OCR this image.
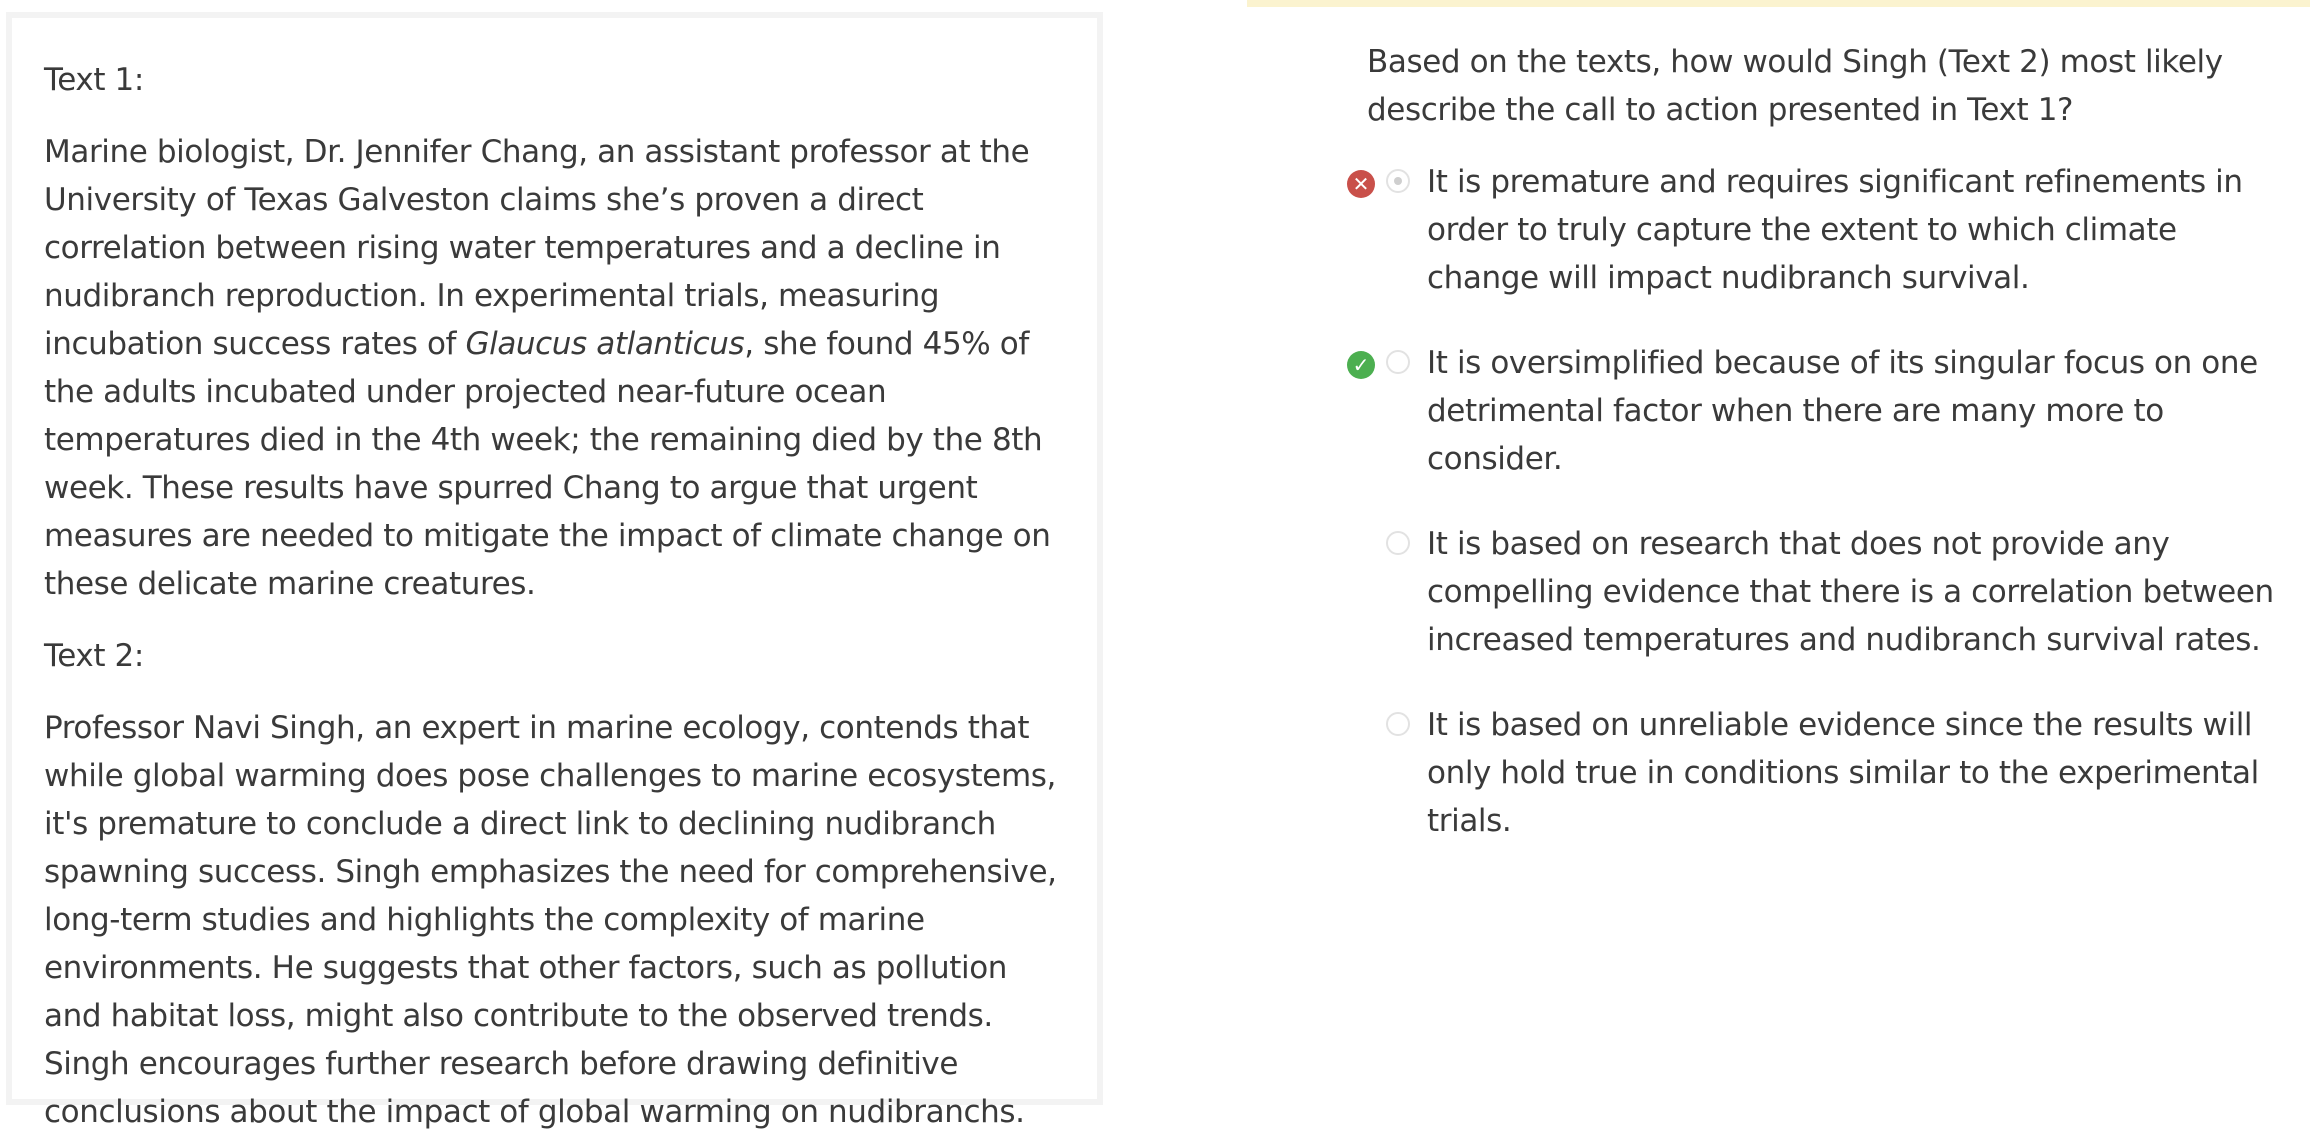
Text 1:

Marine biologist, Dr. Jennifer Chang, an assistant professor at the University of Texas Galveston claims she’s proven a direct correlation between rising water temperatures and a decline in nudibranch reproduction. In experimental trials, measuring incubation success rates of Glaucus atlanticus, she found 45% of the adults incubated under projected near-future ocean temperatures died in the 4th week; the remaining died by the 8th week. These results have spurred Chang to argue that urgent measures are needed to mitigate the impact of climate change on these delicate marine creatures.

Text 2:

Professor Navi Singh, an expert in marine ecology, contends that while global warming does pose challenges to marine ecosystems, it's premature to conclude a direct link to declining nudibranch spawning success. Singh emphasizes the need for comprehensive, long-term studies and highlights the complexity of marine environments. He suggests that other factors, such as pollution and habitat loss, might also contribute to the observed trends. Singh encourages further research before drawing definitive conclusions about the impact of global warming on nudibranchs.

Based on the texts, how would Singh (Text 2) most likely describe the call to action presented in Text 1?

✕ It is premature and requires significant refinements in order to truly capture the extent to which climate change will impact nudibranch survival.
✓ It is oversimplified because of its singular focus on one detrimental factor when there are many more to consider.
It is based on research that does not provide any compelling evidence that there is a correlation between increased temperatures and nudibranch survival rates.
It is based on unreliable evidence since the results will only hold true in conditions similar to the experimental trials.
